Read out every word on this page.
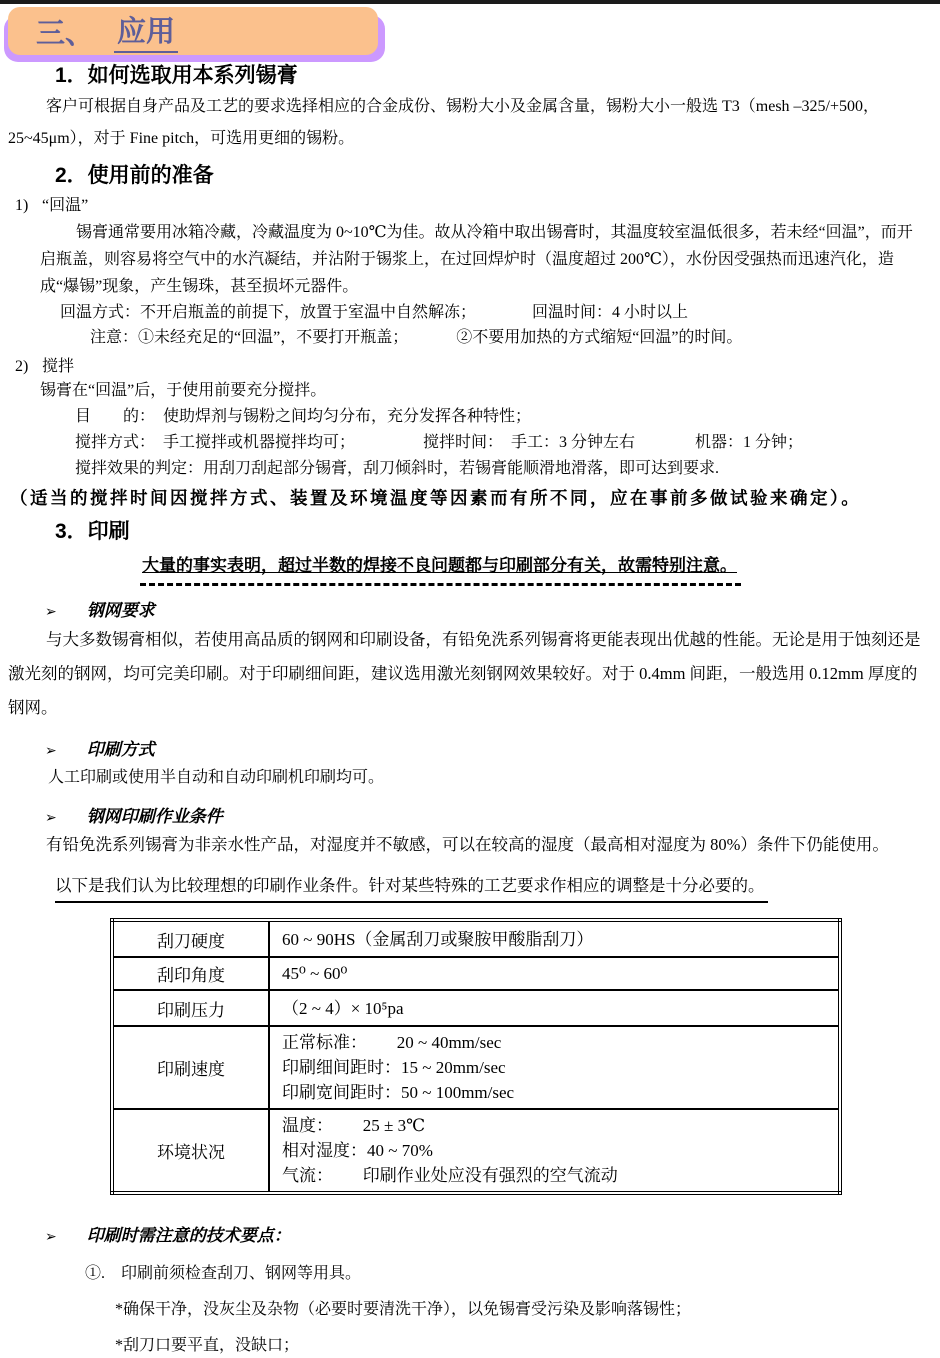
三、 应用
1．如何选取用本系列锡膏
客户可根据自身产品及工艺的要求选择相应的合金成份、锡粉大小及金属含量，锡粉大小一般选 T3（mesh –325/+500，25~45μm），对于 Fine pitch，可选用更细的锡粉。
2．使用前的准备
1) “回温”
锡膏通常要用冰箱冷藏，冷藏温度为 0~10℃为佳。故从冷箱中取出锡膏时，其温度较室温低很多，若未经“回温”，而开启瓶盖，则容易将空气中的水汽凝结，并沾附于锡浆上，在过回焊炉时（温度超过 200℃），水份因受强热而迅速汽化，造成“爆锡”现象，产生锡珠，甚至损坏元器件。
回温方式：不开启瓶盖的前提下，放置于室温中自然解冻；	回温时间：4 小时以上
注意：①未经充足的“回温”，不要打开瓶盖；	②不要用加热的方式缩短“回温”的时间。
2) 搅拌
锡膏在“回温”后，于使用前要充分搅拌。
目　　的：　使助焊剂与锡粉之间均匀分布，充分发挥各种特性；
搅拌方式：　手工搅拌或机器搅拌均可；	搅拌时间：　手工：3 分钟左右	机器：1 分钟；
搅拌效果的判定：用刮刀刮起部分锡膏，刮刀倾斜时，若锡膏能顺滑地滑落，即可达到要求.
（适当的搅拌时间因搅拌方式、装置及环境温度等因素而有所不同，应在事前多做试验来确定）。
3．印刷
大量的事实表明，超过半数的焊接不良问题都与印刷部分有关，故需特别注意。
➢ 钢网要求
与大多数锡膏相似，若使用高品质的钢网和印刷设备，有铅免洗系列锡膏将更能表现出优越的性能。无论是用于蚀刻还是激光刻的钢网，均可完美印刷。对于印刷细间距，建议选用激光刻钢网效果较好。对于 0.4mm 间距，一般选用 0.12mm 厚度的钢网。
➢ 印刷方式
人工印刷或使用半自动和自动印刷机印刷均可。
➢ 钢网印刷作业条件
有铅免洗系列锡膏为非亲水性产品，对湿度并不敏感，可以在较高的湿度（最高相对湿度为 80%）条件下仍能使用。
以下是我们认为比较理想的印刷作业条件。针对某些特殊的工艺要求作相应的调整是十分必要的。
刮刀硬度	60 ~ 90HS（金属刮刀或聚胺甲酸脂刮刀）

刮印角度	45⁰ ~ 60⁰

印刷压力	（2 ~ 4）× 10⁵pa

印刷速度	正常标准：　　 20 ~ 40mm/sec
印刷细间距时：15 ~ 20mm/sec
印刷宽间距时：50 ~ 100mm/sec

环境状况	温度：　　 25 ± 3℃
相对湿度：40 ~ 70%
气流：　　 印刷作业处应没有强烈的空气流动
➢ 印刷时需注意的技术要点：
①.　印刷前须检查刮刀、钢网等用具。
*确保干净，没灰尘及杂物（必要时要清洗干净），以免锡膏受污染及影响落锡性；
*刮刀口要平直，没缺口；
